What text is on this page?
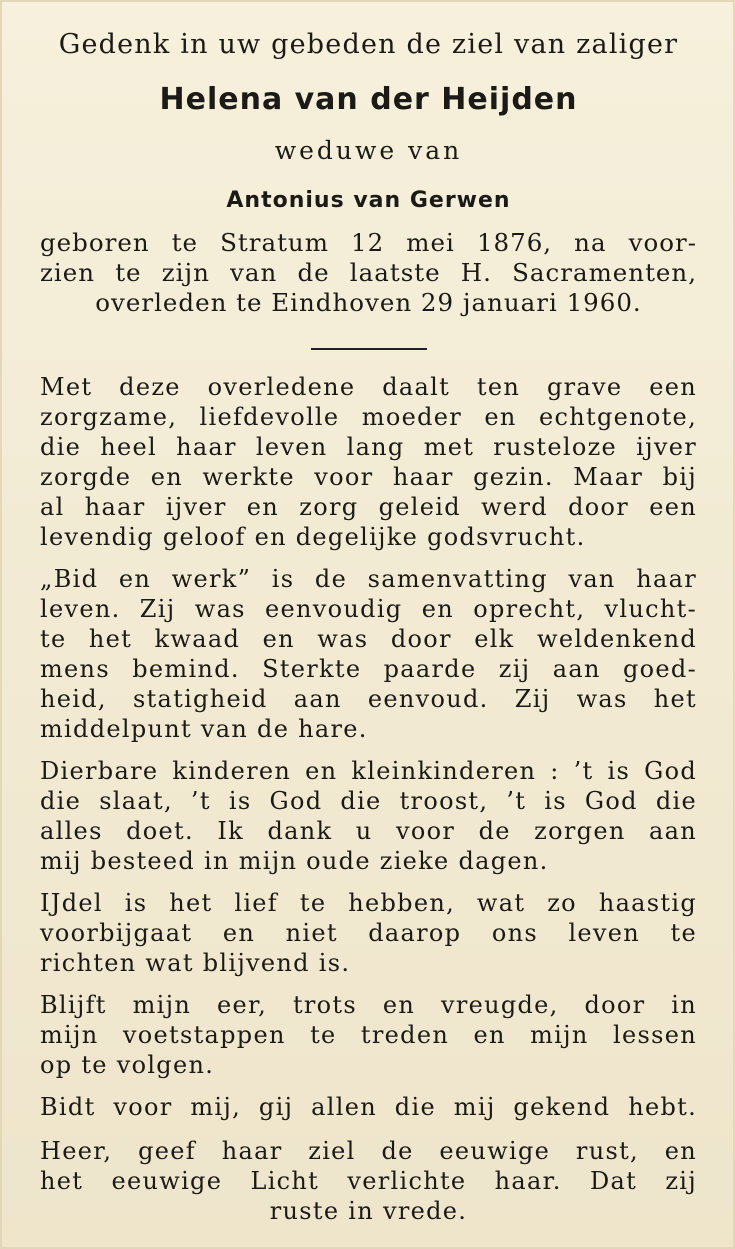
Gedenk in uw gebeden de ziel van zaliger

Helena van der Heijden

weduwe van

Antonius van Gerwen

geboren te Stratum 12 mei 1876, na voor-
zien te zijn van de laatste H. Sacramenten,
overleden te Eindhoven 29 januari 1960.

Met deze overledene daalt ten grave een
zorgzame, liefdevolle moeder en echtgenote,
die heel haar leven lang met rusteloze ijver
zorgde en werkte voor haar gezin. Maar bij
al haar ijver en zorg geleid werd door een
levendig geloof en degelijke godsvrucht.

„Bid en werk” is de samenvatting van haar
leven. Zij was eenvoudig en oprecht, vlucht-
te het kwaad en was door elk weldenkend
mens bemind. Sterkte paarde zij aan goed-
heid, statigheid aan eenvoud. Zij was het
middelpunt van de hare.

Dierbare kinderen en kleinkinderen : ’t is God
die slaat, ’t is God die troost, ’t is God die
alles doet. Ik dank u voor de zorgen aan
mij besteed in mijn oude zieke dagen.

IJdel is het lief te hebben, wat zo haastig
voorbijgaat en niet daarop ons leven te
richten wat blijvend is.

Blijft mijn eer, trots en vreugde, door in
mijn voetstappen te treden en mijn lessen
op te volgen.

Bidt voor mij, gij allen die mij gekend hebt.

Heer, geef haar ziel de eeuwige rust, en
het eeuwige Licht verlichte haar. Dat zij
ruste in vrede.
